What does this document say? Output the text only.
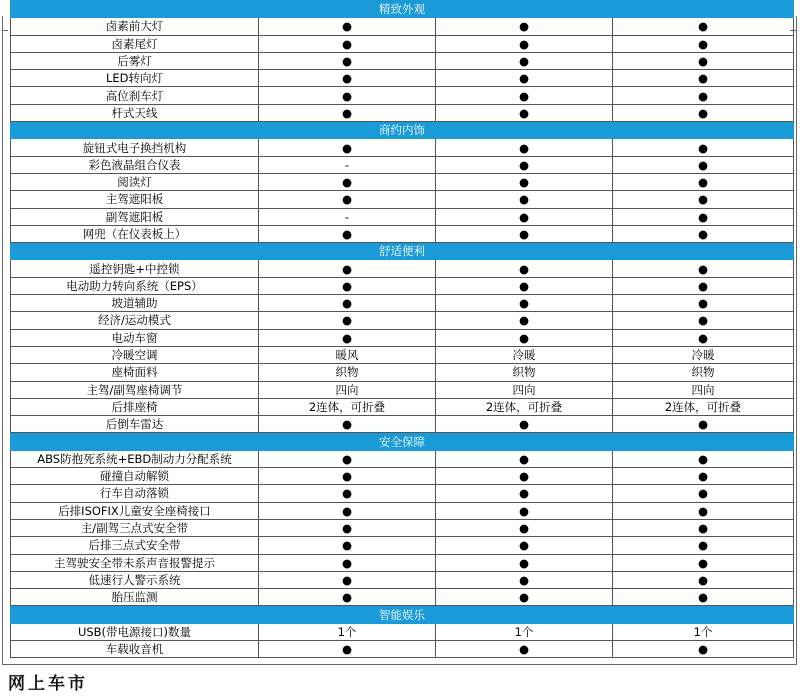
精致外观			
卤素前大灯	●	●	●
卤素尾灯	●	●	●
后雾灯	●	●	●
LED转向灯	●	●	●
高位刹车灯	●	●	●
杆式天线	●	●	●
商约内饰			
旋钮式电子换挡机构	●	●	●
彩色液晶组合仪表	-	●	●
阅读灯	●	●	●
主驾遮阳板	●	●	●
副驾遮阳板	-	●	●
网兜（在仪表板上）	●	●	●
舒适便利			
遥控钥匙+中控锁	●	●	●
电动助力转向系统（EPS）	●	●	●
坡道辅助	●	●	●
经济/运动模式	●	●	●
电动车窗	●	●	●
冷暖空调	暖风	冷暖	冷暖
座椅面料	织物	织物	织物
主驾/副驾座椅调节	四向	四向	四向
后排座椅	2连体，可折叠	2连体，可折叠	2连体，可折叠
后倒车雷达	●	●	●
安全保障			
ABS防抱死系统+EBD制动力分配系统	●	●	●
碰撞自动解锁	●	●	●
行车自动落锁	●	●	●
后排ISOFIX儿童安全座椅接口	●	●	●
主/副驾三点式安全带	●	●	●
后排三点式安全带	●	●	●
主驾驶安全带未系声音报警提示	●	●	●
低速行人警示系统	●	●	●
胎压监测	●	●	●
智能娱乐			
USB(带电源接口)数量	1个	1个	1个
车载收音机	●	●	●
网上车市
